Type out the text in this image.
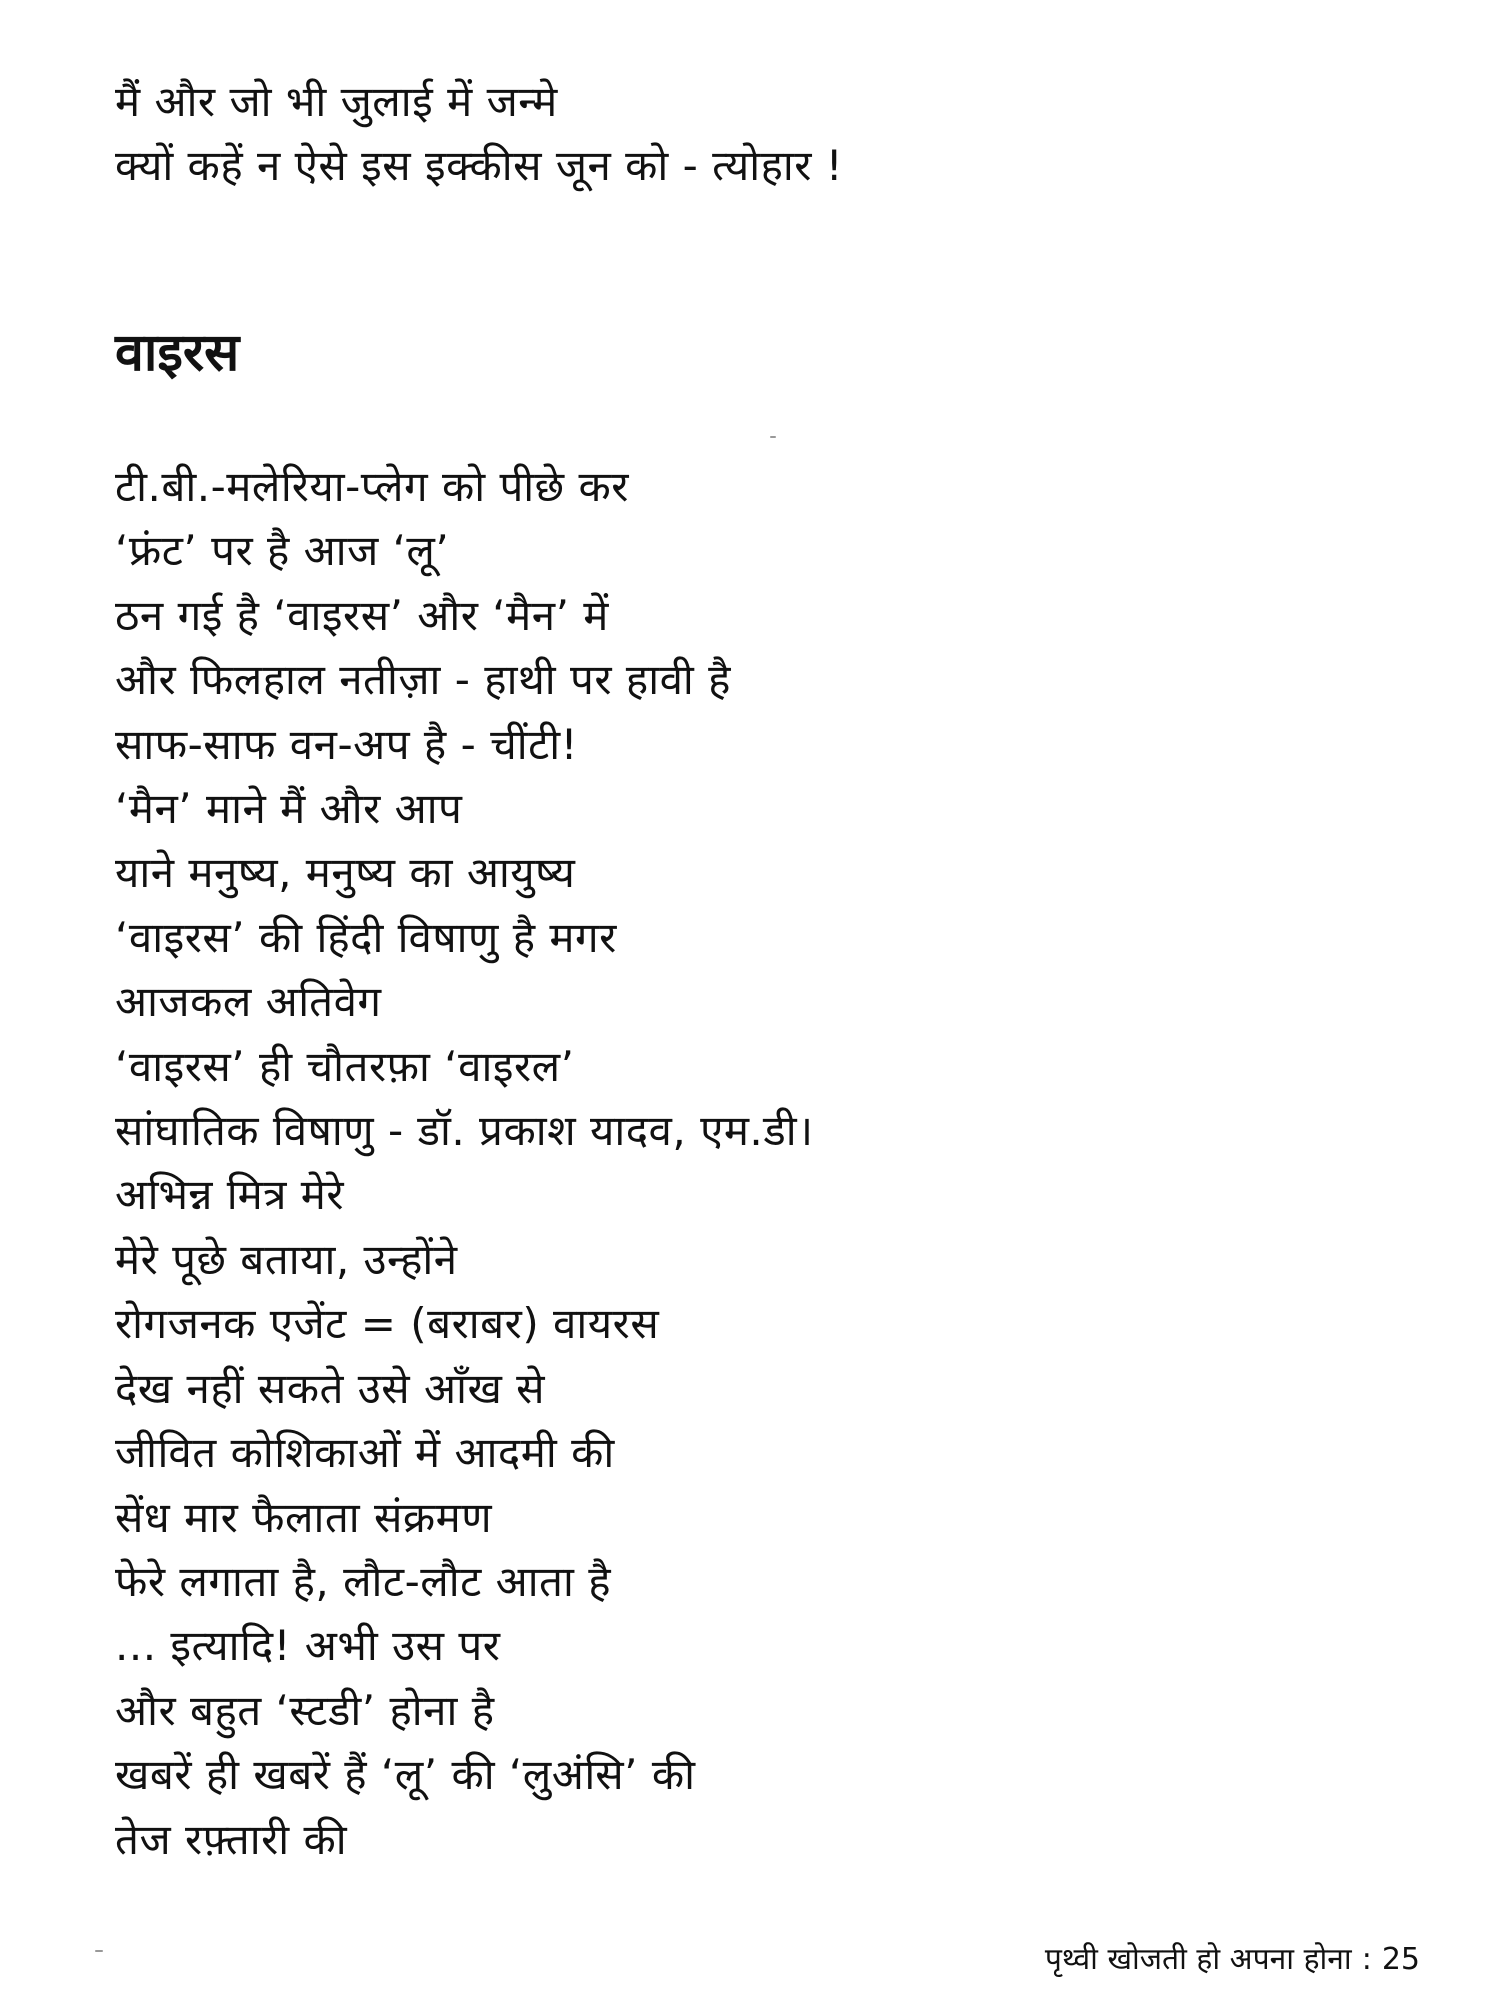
मैं और जो भी जुलाई में जन्मे
क्यों कहें न ऐसे इस इक्कीस जून को - त्योहार !
वाइरस
टी.बी.-मलेरिया-प्लेग को पीछे कर
‘फ्रंट’ पर है आज ‘लू’
ठन गई है ‘वाइरस’ और ‘मैन’ में
और फिलहाल नतीज़ा - हाथी पर हावी है
साफ-साफ वन-अप है - चींटी!
‘मैन’ माने मैं और आप
याने मनुष्य, मनुष्य का आयुष्य
‘वाइरस’ की हिंदी विषाणु है मगर
आजकल अतिवेग
‘वाइरस’ ही चौतरफ़ा ‘वाइरल’
सांघातिक विषाणु - डॉ. प्रकाश यादव, एम.डी।
अभिन्न मित्र मेरे
मेरे पूछे बताया, उन्होंने
रोगजनक एजेंट = (बराबर) वायरस
देख नहीं सकते उसे आँख से
जीवित कोशिकाओं में आदमी की
सेंध मार फैलाता संक्रमण
फेरे लगाता है, लौट-लौट आता है
... इत्यादि! अभी उस पर
और बहुत ‘स्टडी’ होना है
खबरें ही खबरें हैं ‘लू’ की ‘लुअंसि’ की
तेज रफ़्तारी की
पृथ्वी खोजती हो अपना होना : 25
